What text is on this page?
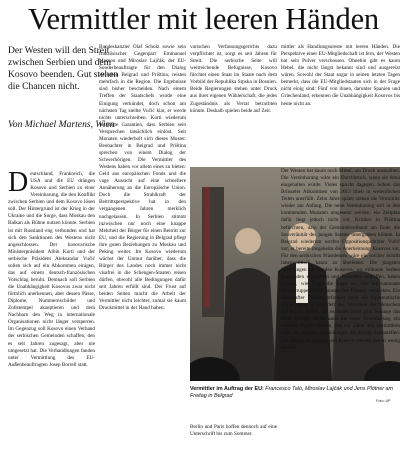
Vermittler mit leeren Händen

Der Westen will den Streit zwischen Serbien und dem Kosovo beenden. Gut stehen die Chancen nicht.

Von Michael Martens, Wien
D eutschland, Frankreich, die USA und die EU drängen Kosovo und Serbien zu einer Vereinbarung, die den Konflikt zwischen Serbien und dem Kosovo lösen soll. Der Hintergrund ist der Krieg in der Ukraine und die Sorge, dass Moskau den Balkan als Bühne nutzen könnte. Serbien ist mit Russland eng verbunden und hat sich den Sanktionen des Westens nicht angeschlossen. Der kosovarische Ministerpräsident Albin Kurti und der serbische Präsident Aleksandar Vučić sollen sich auf ein Abkommen einigen, das auf einem deutsch-französischen Vorschlag beruht. Demnach soll Serbien die Unabhängigkeit Kosovos zwar nicht förmlich anerkennen, aber dessen Pässe, Diplome, Nummernschilder und Zollstempel akzeptieren und dem Nachbarn den Weg in internationale Organisationen nicht länger versperren. Im Gegenzug soll Kosovo einen Verband der serbischen Gemeinden schaffen, den es seit Jahren zugesagt, aber nie umgesetzt hat. Die Verhandlungen fanden unter Vermittlung des EU-Außenbeauftragten Josep Borrell statt.

Bundeskanzler Olaf Scholz sowie sein französischer Gegenpart Emmanuel Macron und Miroslav Lajčák, der EU-Sonderbeauftragte für den Dialog zwischen Belgrad und Priština, reisten mehrfach in die Region. Die Ergebnisse sind bisher bescheiden. Nach einem Treffen der Staatschefs wurde eine Einigung verkündet, doch schon am nächsten Tag stellte Vučić klar, er werde nichts unterschreiben. Kurti wiederum verlangte Garantien, dass Serbien sein Versprechen tatsächlich einlöst. Seit Monaten wiederholt sich dieses Muster. Beobachter in Belgrad und Priština sprechen von einem Dialog der Schwerhörigen. Die Vermittler des Westens haben vor allem eines zu bieten: Geld aus europäischen Fonds und die vage Aussicht auf eine schnellere Annäherung an die Europäische Union. Doch die Strahlkraft der Beitrittsperspektive hat in den vergangenen Jahren merklich nachgelassen. In Serbien stimmt inzwischen nur noch eine knappe Mehrheit der Bürger für einen Beitritt zur EU, und die Regierung in Belgrad pflegt ihre guten Beziehungen zu Moskau und Peking weiter. Im Kosovo wiederum wächst der Unmut darüber, dass die Bürger des Landes noch immer nicht visafrei in die Schengen-Staaten reisen dürfen, obwohl alle Bedingungen dafür seit Jahren erfüllt sind. Der Frust auf beiden Seiten macht die Arbeit der Vermittler nicht leichter, zumal sie kaum Druckmittel in der Hand haben.

varischen Verfassungsgerichts dazu verpflichtet ist, sorgt es seit Jahren für Streit. Die serbische Seite will weitreichende Befugnisse, Kosovo fürchtet einen Staat im Staate nach dem Vorbild der Republika Srpska in Bosnien. Beide Regierungen stehen unter Druck aus ihrer eigenen Wählerschaft, die jedes Zugeständnis als Verrat betrachten könnte. Deshalb spielen beide auf Zeit.

mittler als Handlungsoreste mit leeren Händen. Die Perspektive einer EU-Mitgliedschaft ist fern, der Westen hat sein Pulver verschossen. Ohnehin gibt es kaum Hebel, die nicht längst bekannt sind und ausgereizt wären. Sowohl der Staat sogar in seinen letzten Tagen bemerkt, dass die EU-Mitgliedstaaten sich in der Frage nicht einig sind: Fünf von ihnen, darunter Spanien und Griechenland, erkennen die Unabhängigkeit Kosovos bis heute nicht an.

Vermittler im Auftrag der EU: Francesco Talò, Miroslav Lajčák und Jens Plötner am Freitag in Belgrad
Foto: AP

Berlin und Paris hoffen dennoch auf eine Unterschrift bis zum Sommer.

Der Westen hat kaum noch Mittel, um Druck auszuüben. Die Vereinbarung wäre ein Durchbruch, wenn sie denn eingehalten würde. Vieles spricht dagegen. Schon das Brüsseler Abkommen von 2013 blieb in wesentlichen Teilen unerfüllt. Zehn Jahre später stehen die Vermittler wieder am Anfang. Die neue Vereinbarung soll in den kommenden Monaten umgesetzt werden; ein Zeitplan dafür liegt jedoch nicht vor. Kritiker in Priština befürchten, dass der Gemeindeverband am Ende die Souveränität des jungen Staates untergraben könnte. In Belgrad wiederum werfen Oppositionspolitiker Vučić vor, er bereite insgeheim die Anerkennung Kosovos vor. Für den serbischen Präsidenten wäre ein solcher Schritt innenpolitisch kaum zu überleben. Die jüngsten Spannungen im Norden Kosovos, wo militante Serben Barrikaden errichteten und Polizisten angriffen, haben gezeigt, wie fragil die Lage ist. Die internationale Schutztruppe KFOR musste ihre Präsenz verstärken. Ein dauerhafter Frieden erfordert mehr als diplomatische Erklärungen; er erfordert das Vertrauen der Menschen auf beiden Seiten, das es bisher nicht gibt. Solange das nicht gelingt, dürfte auch die neue Vereinbarung ein weiteres Papier bleiben, das vor allem den Vermittlern hilft, die eigenen Bemühungen als Erfolg darzustellen. Die Bürger in Serbien und Kosovo werden davon wenig merken.
